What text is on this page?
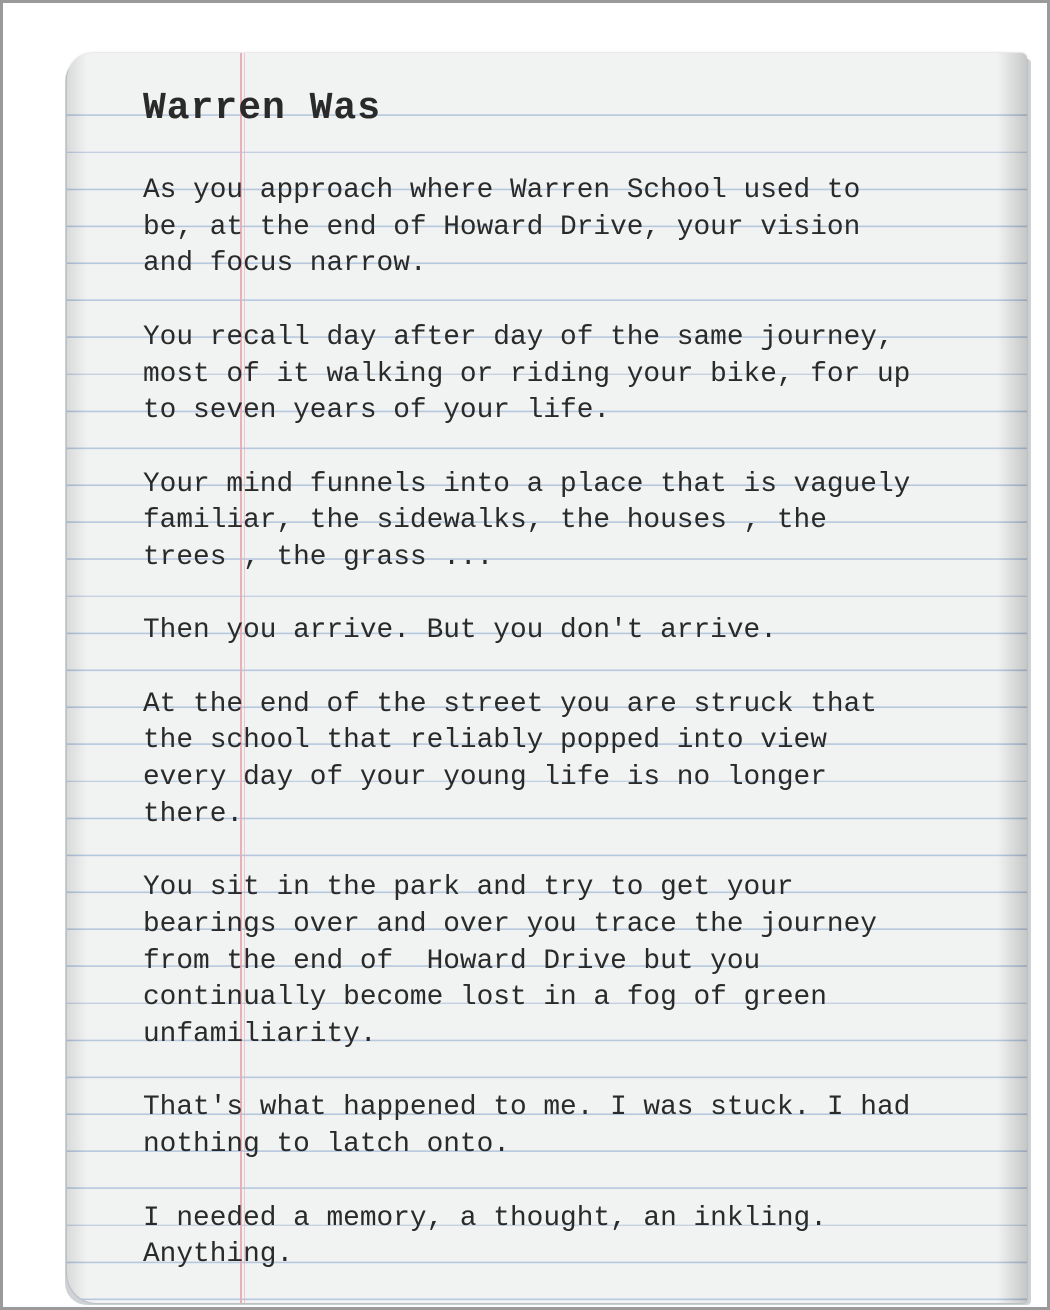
Warren Was
As you approach where Warren School used to
be, at the end of Howard Drive, your vision
and focus narrow.
You recall day after day of the same journey,
most of it walking or riding your bike, for up
to seven years of your life.
Your mind funnels into a place that is vaguely
familiar, the sidewalks, the houses , the
trees , the grass ...
Then you arrive. But you don't arrive.
At the end of the street you are struck that
the school that reliably popped into view
every day of your young life is no longer
there.
You sit in the park and try to get your
bearings over and over you trace the journey
from the end of  Howard Drive but you
continually become lost in a fog of green
unfamiliarity.
That's what happened to me. I was stuck. I had
nothing to latch onto.
I needed a memory, a thought, an inkling.
Anything.
